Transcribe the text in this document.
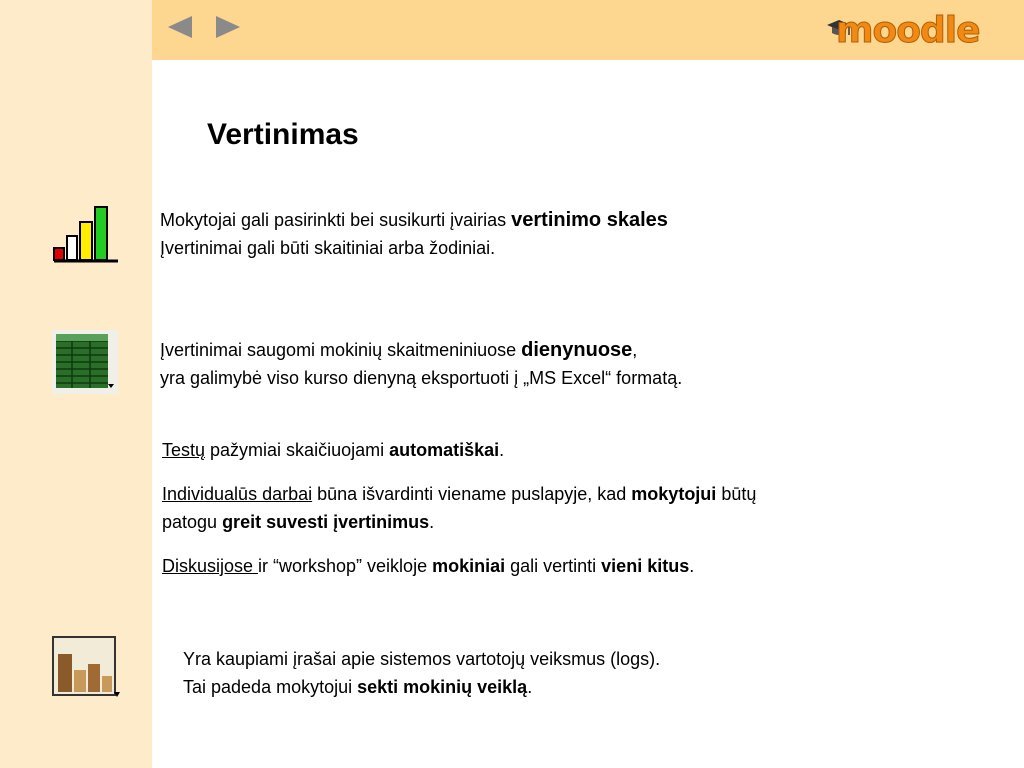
moodle
Vertinimas
Mokytojai gali pasirinkti bei susikurti įvairias vertinimo skales
Įvertinimai gali būti skaitiniai arba žodiniai.
Įvertinimai saugomi mokinių skaitmeniniuose dienynuose,
yra galimybė viso kurso dienyną eksportuoti į „MS Excel“ formatą.
Testų pažymiai skaičiuojami automatiškai.
Individualūs darbai būna išvardinti viename puslapyje, kad mokytojui būtų
patogu greit suvesti įvertinimus.
Diskusijose ir “workshop” veikloje mokiniai gali vertinti vieni kitus.
Yra kaupiami įrašai apie sistemos vartotojų veiksmus (logs).
Tai padeda mokytojui sekti mokinių veiklą.
